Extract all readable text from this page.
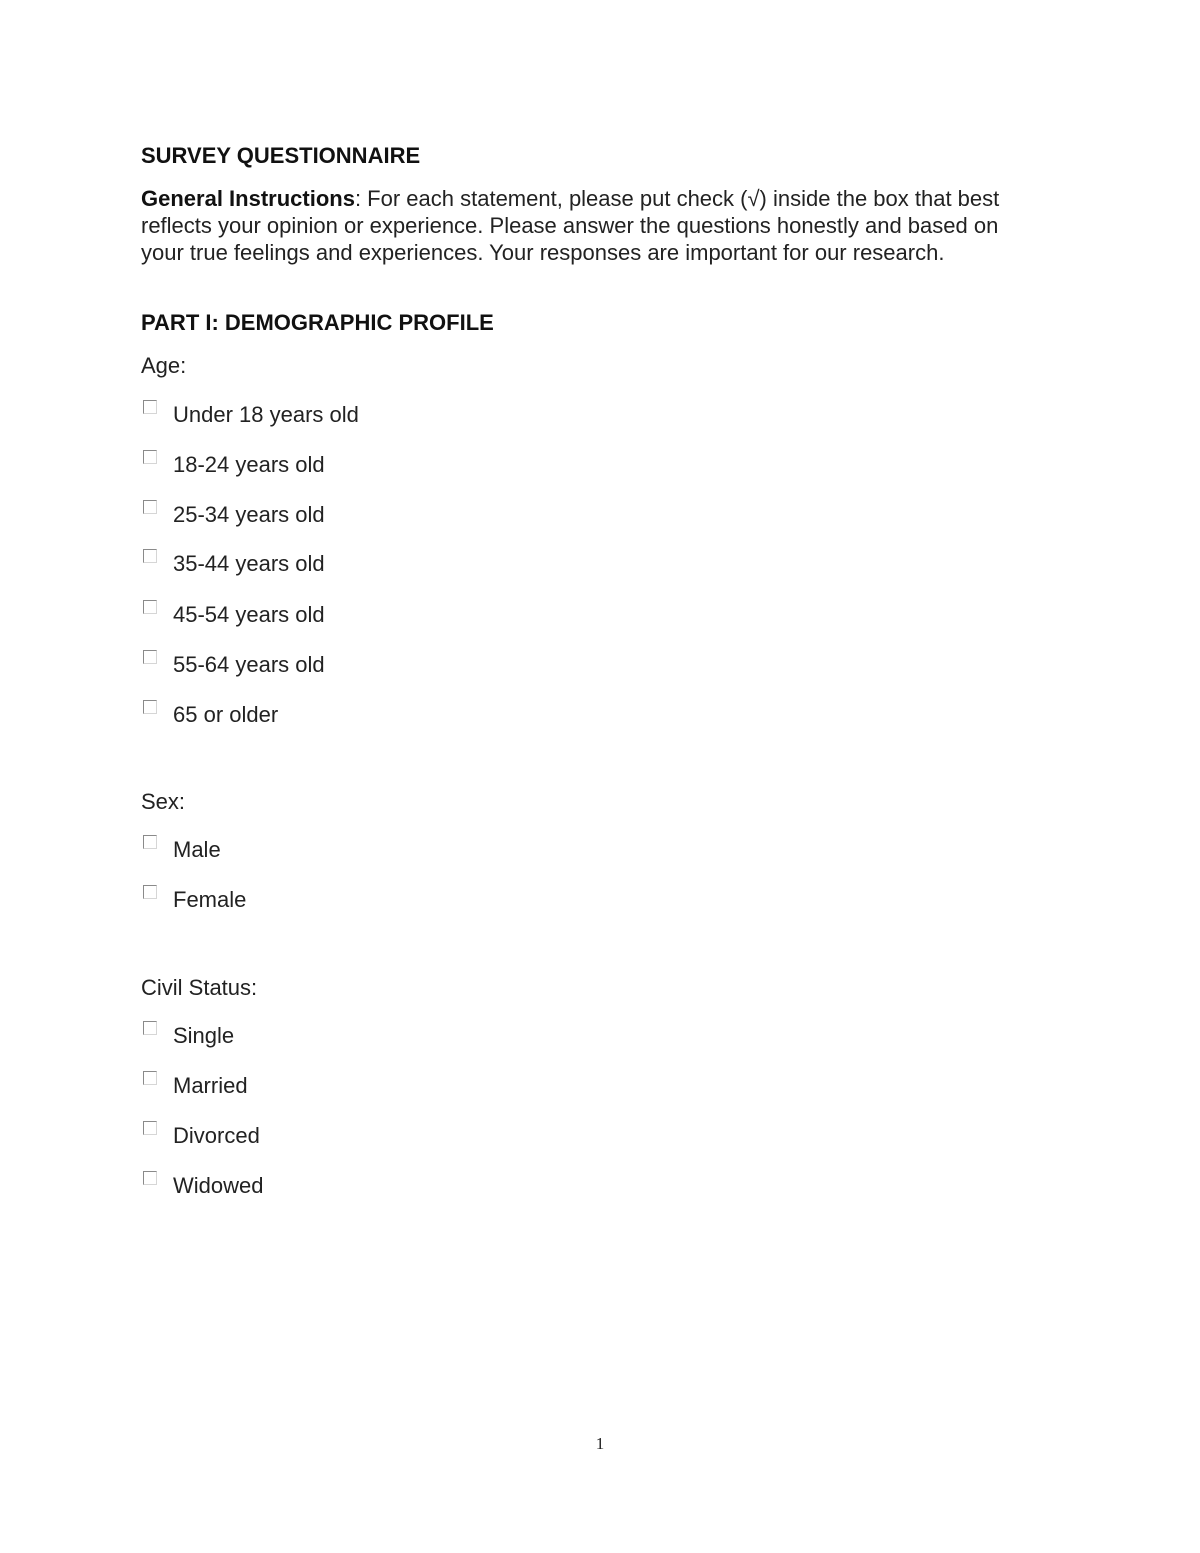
SURVEY QUESTIONNAIRE
General Instructions: For each statement, please put check (√) inside the box that best reflects your opinion or experience. Please answer the questions honestly and based on your true feelings and experiences. Your responses are important for our research.
PART I: DEMOGRAPHIC PROFILE
Age:
Under 18 years old
18-24 years old
25-34 years old
35-44 years old
45-54 years old
55-64 years old
65 or older
Sex:
Male
Female
Civil Status:
Single
Married
Divorced
Widowed
1
